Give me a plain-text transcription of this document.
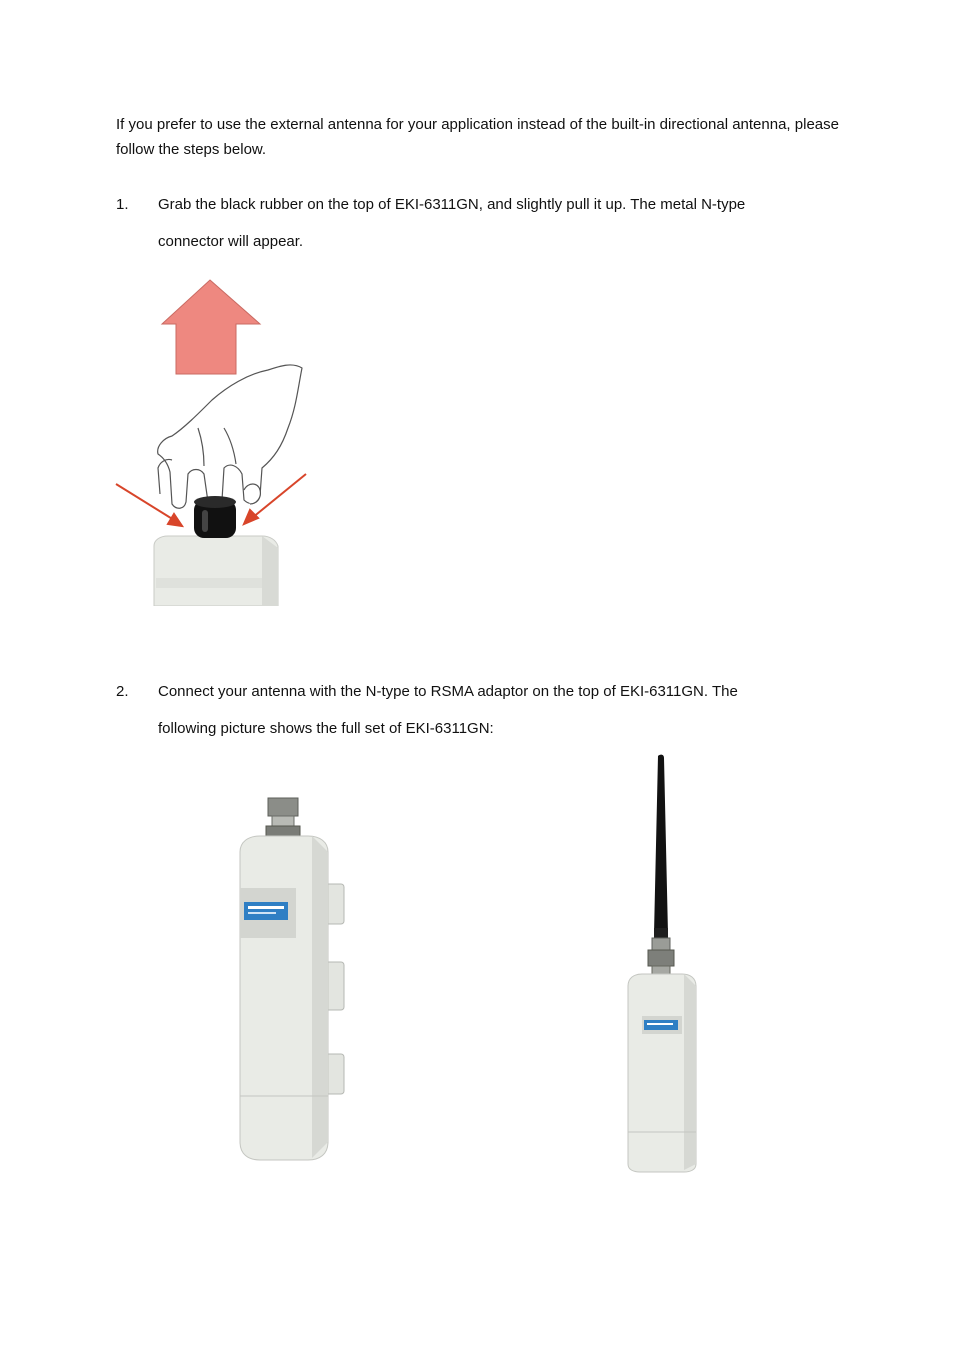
If you prefer to use the external antenna for your application instead of the built-in directional antenna, please follow the steps below.

1. Grab the black rubber on the top of EKI-6311GN, and slightly pull it up. The metal N-type
connector will appear.
2. Connect your antenna with the N-type to RSMA adaptor on the top of EKI-6311GN. The
following picture shows the full set of EKI-6311GN:
